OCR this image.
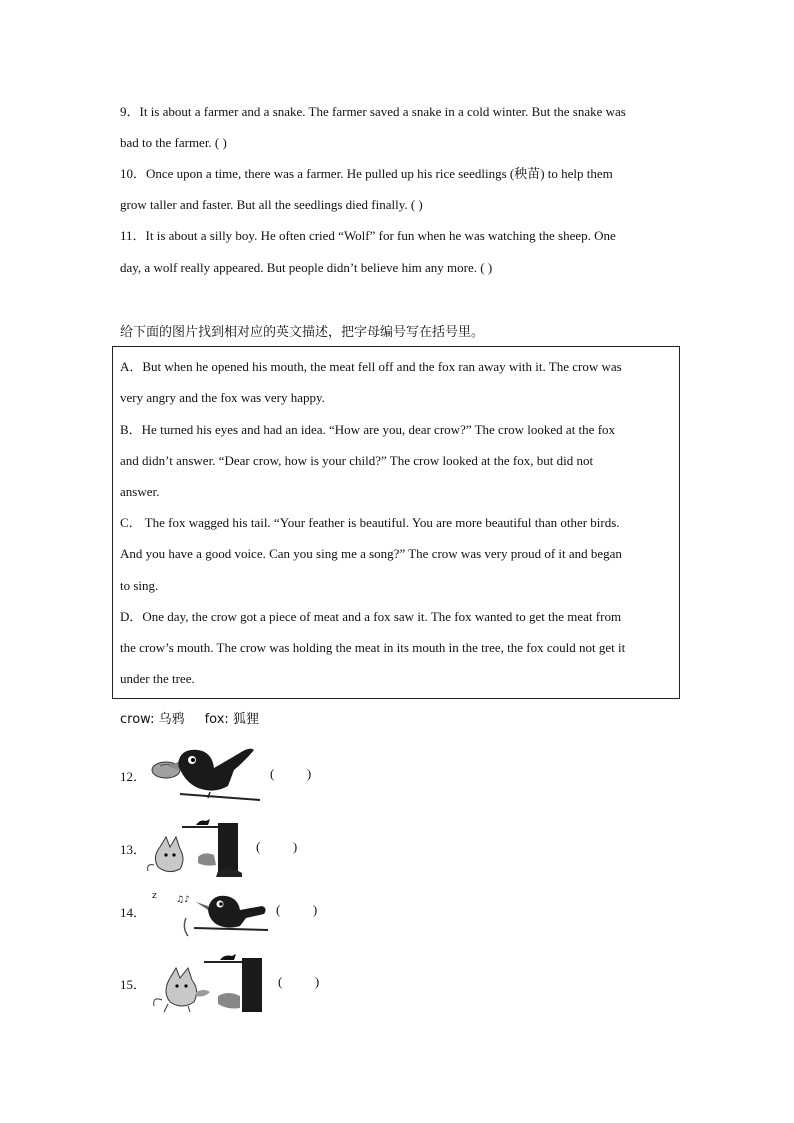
9．It is about a farmer and a snake. The farmer saved a snake in a cold winter. But the snake was
bad to the farmer. ( )
10．Once upon a time, there was a farmer. He pulled up his rice seedlings (秧苗) to help them
grow taller and faster. But all the seedlings died finally. ( )
11．It is about a silly boy. He often cried “Wolf” for fun when he was watching the sheep. One
day, a wolf really appeared. But people didn’t believe him any more. ( )
给下面的图片找到相对应的英文描述，把字母编号写在括号里。
A．But when he opened his mouth, the meat fell off and the fox ran away with it. The crow was
very angry and the fox was very happy.
B．He turned his eyes and had an idea. “How are you, dear crow?” The crow looked at the fox
and didn’t answer. “Dear crow, how is your child?” The crow looked at the fox, but did not
answer.
C． The fox wagged his tail. “Your feather is beautiful. You are more beautiful than other birds.
And you have a good voice. Can you sing me a song?” The crow was very proud of it and began
to sing.
D．One day, the crow got a piece of meat and a fox saw it. The fox wanted to get the meat from
the crow’s mouth. The crow was holding the meat in its mouth in the tree, the fox could not get it
under the tree.
crow: 乌鸦 fox: 狐狸
12．	(          )
13．	(          )
14．
z ♫♪
(          )
15．	(          )
